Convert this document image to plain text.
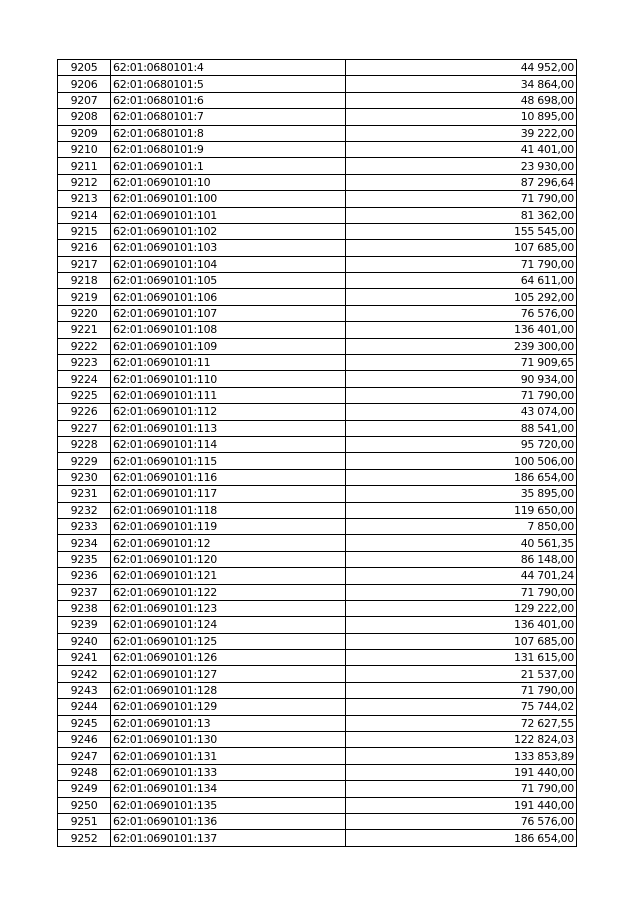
9205	62:01:0680101:4	44 952,00
9206	62:01:0680101:5	34 864,00
9207	62:01:0680101:6	48 698,00
9208	62:01:0680101:7	10 895,00
9209	62:01:0680101:8	39 222,00
9210	62:01:0680101:9	41 401,00
9211	62:01:0690101:1	23 930,00
9212	62:01:0690101:10	87 296,64
9213	62:01:0690101:100	71 790,00
9214	62:01:0690101:101	81 362,00
9215	62:01:0690101:102	155 545,00
9216	62:01:0690101:103	107 685,00
9217	62:01:0690101:104	71 790,00
9218	62:01:0690101:105	64 611,00
9219	62:01:0690101:106	105 292,00
9220	62:01:0690101:107	76 576,00
9221	62:01:0690101:108	136 401,00
9222	62:01:0690101:109	239 300,00
9223	62:01:0690101:11	71 909,65
9224	62:01:0690101:110	90 934,00
9225	62:01:0690101:111	71 790,00
9226	62:01:0690101:112	43 074,00
9227	62:01:0690101:113	88 541,00
9228	62:01:0690101:114	95 720,00
9229	62:01:0690101:115	100 506,00
9230	62:01:0690101:116	186 654,00
9231	62:01:0690101:117	35 895,00
9232	62:01:0690101:118	119 650,00
9233	62:01:0690101:119	7 850,00
9234	62:01:0690101:12	40 561,35
9235	62:01:0690101:120	86 148,00
9236	62:01:0690101:121	44 701,24
9237	62:01:0690101:122	71 790,00
9238	62:01:0690101:123	129 222,00
9239	62:01:0690101:124	136 401,00
9240	62:01:0690101:125	107 685,00
9241	62:01:0690101:126	131 615,00
9242	62:01:0690101:127	21 537,00
9243	62:01:0690101:128	71 790,00
9244	62:01:0690101:129	75 744,02
9245	62:01:0690101:13	72 627,55
9246	62:01:0690101:130	122 824,03
9247	62:01:0690101:131	133 853,89
9248	62:01:0690101:133	191 440,00
9249	62:01:0690101:134	71 790,00
9250	62:01:0690101:135	191 440,00
9251	62:01:0690101:136	76 576,00
9252	62:01:0690101:137	186 654,00
